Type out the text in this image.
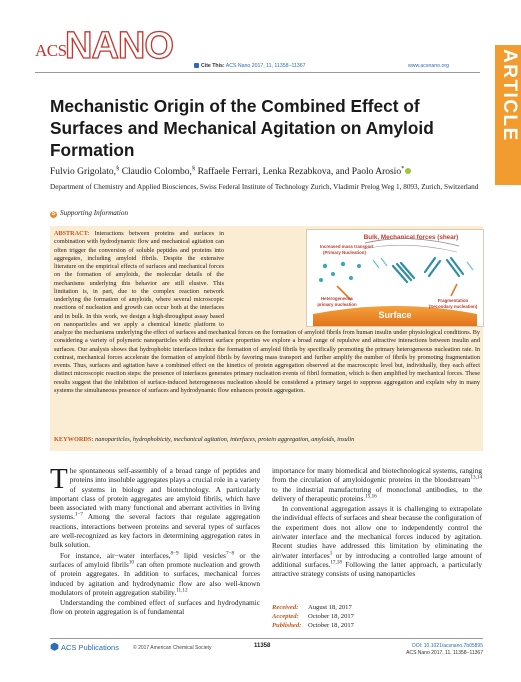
ACS
NANO	Cite This: ACS Nano 2017, 11, 11358−11367	www.acsnano.org	ARTICLE
Mechanistic Origin of the Combined Effect of Surfaces and Mechanical Agitation on Amyloid Formation
Fulvio Grigolato,§ Claudio Colombo,§ Raffaele Ferrari, Lenka Rezabkova, and Paolo Arosio*
Department of Chemistry and Applied Biosciences, Swiss Federal Institute of Technology Zurich, Vladimir Prelog Weg 1, 8093, Zurich, Switzerland
S Supporting Information
Bulk, Mechanical forces (shear)
Increased mass transport
(Primary Nucleation)
Surface
Heterogeneous
primary nucleation
Fragmentation
(Secondary nucleation)
ABSTRACT: Interactions between proteins and surfaces in combination with hydrodynamic flow and mechanical agitation can often trigger the conversion of soluble peptides and proteins into aggregates, including amyloid fibrils. Despite the extensive literature on the empirical effects of surfaces and mechanical forces on the formation of amyloids, the molecular details of the mechanisms underlying this behavior are still elusive. This limitation is, in part, due to the complex reaction network underlying the formation of amyloids, where several microscopic reactions of nucleation and growth can occur both at the interfaces and in bulk. In this work, we design a high-throughput assay based on nanoparticles and we apply a chemical kinetic platform to analyze the mechanisms underlying the effect of surfaces and mechanical forces on the formation of amyloid fibrils from human insulin under physiological conditions. By considering a variety of polymeric nanoparticles with different surface properties we explore a broad range of repulsive and attractive interactions between insulin and surfaces. Our analysis shows that hydrophobic interfaces induce the formation of amyloid fibrils by specifically promoting the primary heterogeneous nucleation rate. In contrast, mechanical forces accelerate the formation of amyloid fibrils by favoring mass transport and further amplify the number of fibrils by promoting fragmentation events. Thus, surfaces and agitation have a combined effect on the kinetics of protein aggregation observed at the macroscopic level but, individually, they each affect distinct microscopic reaction steps: the presence of interfaces generates primary nucleation events of fibril formation, which is then amplified by mechanical forces. These results suggest that the inhibition of surface-induced heterogeneous nucleation should be considered a primary target to suppress aggregation and explain why in many systems the simultaneous presence of surfaces and hydrodynamic flow enhances protein aggregation.
KEYWORDS: nanoparticles, hydrophobicity, mechanical agitation, interfaces, protein aggregation, amyloids, insulin

The spontaneous self-assembly of a broad range of peptides and proteins into insoluble aggregates plays a crucial role in a variety of systems in biology and biotechnology. A particularly important class of protein aggregates are amyloid fibrils, which have been associated with many functional and aberrant activities in living systems.$^{1-7}$ Among the several factors that regulate aggregation reactions, interactions between proteins and several types of surfaces are well-recognized as key factors in determining aggregation rates in bulk solution.

For instance, air−water interfaces,$^{8-9}$ lipid vesicles$^{7-8}$ or the surfaces of amyloid fibrils$^{10}$ can often promote nucleation and growth of protein aggregates. In addition to surfaces, mechanical forces induced by agitation and hydrodynamic flow are also well-known modulators of protein aggregation stability.$^{11,12}$

Understanding the combined effect of surfaces and hydrodynamic flow on protein aggregation is of fundamental

importance for many biomedical and biotechnological systems, ranging from the circulation of amyloidogenic proteins in the bloodstream$^{13,14}$ to the industrial manufacturing of monoclonal antibodies, to the delivery of therapeutic proteins.$^{15,16}$

In conventional aggregation assays it is challenging to extrapolate the individual effects of surfaces and shear because the configuration of the experiment does not allow one to independently control the air/water interface and the mechanical forces induced by agitation. Recent studies have addressed this limitation by eliminating the air/water interfaces$^1$ or by introducing a controlled large amount of additional surfaces.$^{17,18}$ Following the latter approach, a particularly attractive strategy consists of using nanoparticles

Received: August 18, 2017
Accepted: October 18, 2017
Published: October 18, 2017
ACS Publications	© 2017 American Chemical Society	11358	DOI: 10.1021/acsnano.7b05895
ACS Nano 2017, 11, 11358−11367
